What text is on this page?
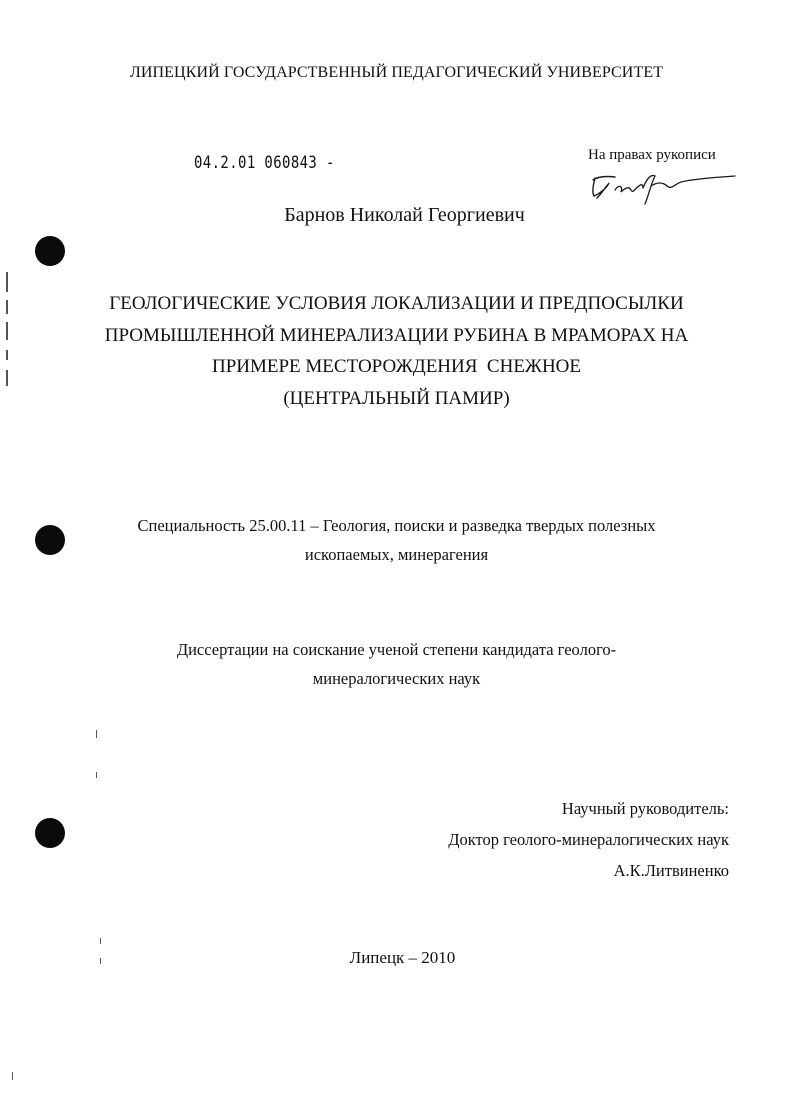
ЛИПЕЦКИЙ ГОСУДАРСТВЕННЫЙ ПЕДАГОГИЧЕСКИЙ УНИВЕРСИТЕТ
04.2.01 060843 -	На правах рукописи
Барнов Николай Георгиевич
ГЕОЛОГИЧЕСКИЕ УСЛОВИЯ ЛОКАЛИЗАЦИИ И ПРЕДПОСЫЛКИ
ПРОМЫШЛЕННОЙ МИНЕРАЛИЗАЦИИ РУБИНА В МРАМОРАХ НА
ПРИМЕРЕ МЕСТОРОЖДЕНИЯ  СНЕЖНОЕ
(ЦЕНТРАЛЬНЫЙ ПАМИР)
Специальность 25.00.11 – Геология, поиски и разведка твердых полезных
ископаемых, минерагения
Диссертации на соискание ученой степени кандидата геолого-
минералогических наук
Научный руководитель:
Доктор геолого-минералогических наук
А.К.Литвиненко
Липецк – 2010
